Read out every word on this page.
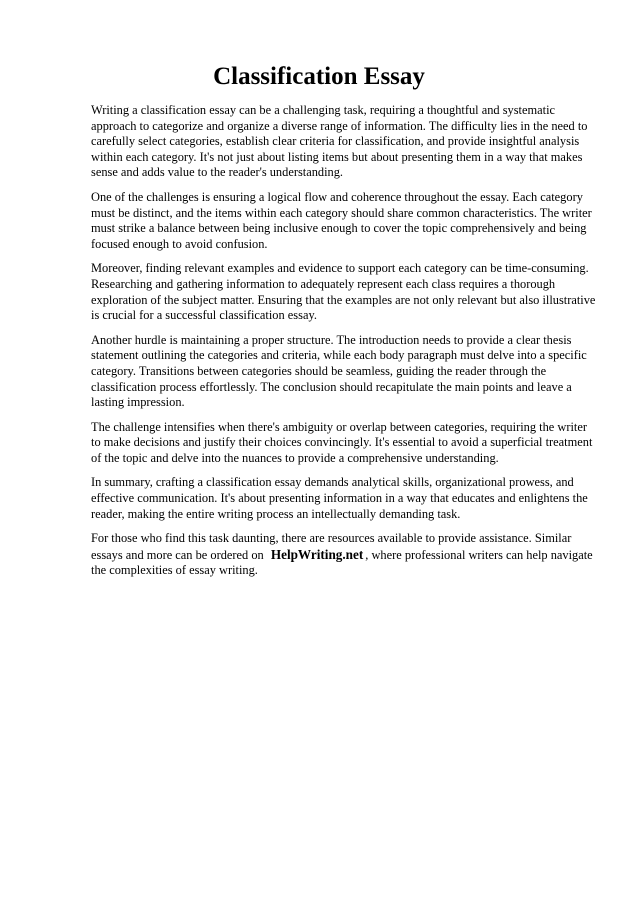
Classification Essay

Writing a classification essay can be a challenging task, requiring a thoughtful and systematic approach to categorize and organize a diverse range of information. The difficulty lies in the need to carefully select categories, establish clear criteria for classification, and provide insightful analysis within each category. It's not just about listing items but about presenting them in a way that makes sense and adds value to the reader's understanding.

One of the challenges is ensuring a logical flow and coherence throughout the essay. Each category must be distinct, and the items within each category should share common characteristics. The writer must strike a balance between being inclusive enough to cover the topic comprehensively and being focused enough to avoid confusion.

Moreover, finding relevant examples and evidence to support each category can be time-consuming. Researching and gathering information to adequately represent each class requires a thorough exploration of the subject matter. Ensuring that the examples are not only relevant but also illustrative is crucial for a successful classification essay.

Another hurdle is maintaining a proper structure. The introduction needs to provide a clear thesis statement outlining the categories and criteria, while each body paragraph must delve into a specific category. Transitions between categories should be seamless, guiding the reader through the classification process effortlessly. The conclusion should recapitulate the main points and leave a lasting impression.

The challenge intensifies when there's ambiguity or overlap between categories, requiring the writer to make decisions and justify their choices convincingly. It's essential to avoid a superficial treatment of the topic and delve into the nuances to provide a comprehensive understanding.

In summary, crafting a classification essay demands analytical skills, organizational prowess, and effective communication. It's about presenting information in a way that educates and enlightens the reader, making the entire writing process an intellectually demanding task.

For those who find this task daunting, there are resources available to provide assistance. Similar essays and more can be ordered on HelpWriting.net , where professional writers can help navigate the complexities of essay writing.
